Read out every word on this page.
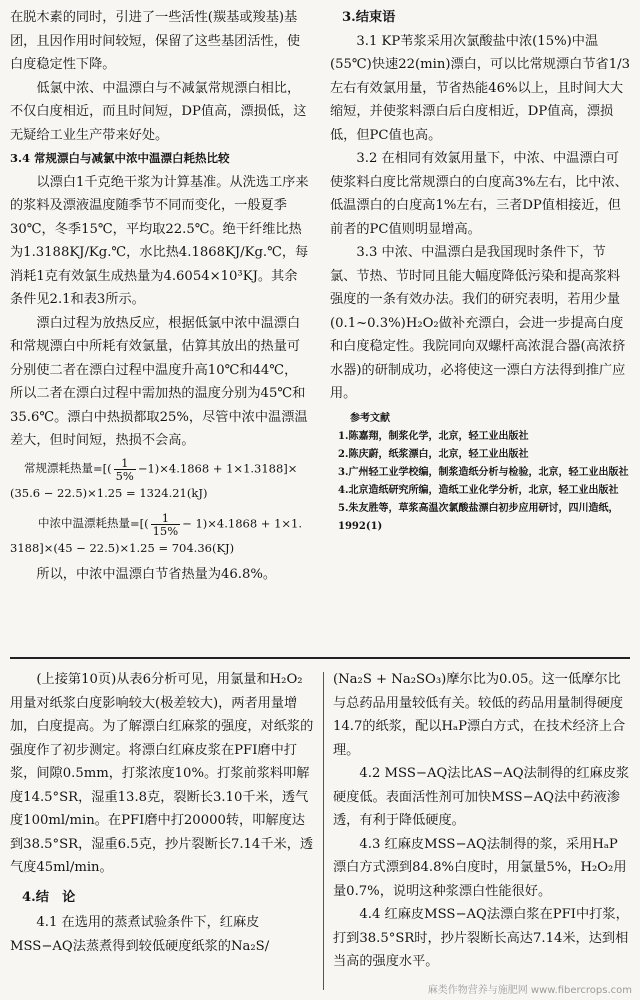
在脱木素的同时，引进了一些活性(羰基或羧基)基团，且因作用时间较短，保留了这些基团活性，使白度稳定性下降。

低氯中浓、中温漂白与不减氯常规漂白相比，不仅白度相近，而且时间短，DP值高，漂损低，这无疑给工业生产带来好处。

3.4 常规漂白与减氯中浓中温漂白耗热比较

以漂白1千克绝干浆为计算基准。从洗选工序来的浆料及漂液温度随季节不同而变化，一般夏季30℃，冬季15℃，平均取22.5℃。绝干纤维比热为1.3188KJ/Kg.℃，水比热4.1868KJ/Kg.℃，每消耗1克有效氯生成热量为4.6054×10³KJ。其余条件见2.1和表3所示。

漂白过程为放热反应，根据低氯中浓中温漂白和常规漂白中所耗有效氯量，估算其放出的热量可分别使二者在漂白过程中温度升高10℃和44℃，所以二者在漂白过程中需加热的温度分别为45℃和35.6℃。漂白中热损都取25%，尽管中浓中温漂温差大，但时间短，热损不会高。

常规漂耗热量=[( $\frac{1}{5\%} -1)\times 4.1868 + 1\times 1.3188]\times$

(35.6 − 22.5)×1.25 = 1324.21(kJ)

中浓中温漂耗热量=[( $\frac{1}{15\%} - 1)\times 4.1868 + 1\times 1$.

3188]×(45 − 22.5)×1.25 = 704.36(KJ)

所以，中浓中温漂白节省热量为46.8%。

3.结束语

3.1 KP苇浆采用次氯酸盐中浓(15%)中温(55℃)快速22(min)漂白，可以比常规漂白节省1/3左右有效氯用量，节省热能46%以上，且时间大大缩短，并使浆料漂白后白度相近，DP值高，漂损低，但PC值也高。

3.2 在相同有效氯用量下，中浓、中温漂白可使浆料白度比常规漂白的白度高3%左右，比中浓、低温漂白的白度高1%左右，三者DP值相接近，但前者的PC值则明显增高。

3.3 中浓、中温漂白是我国现时条件下，节氯、节热、节时同且能大幅度降低污染和提高浆料强度的一条有效办法。我们的研究表明，若用少量(0.1~0.3%)H₂O₂做补充漂白，会进一步提高白度和白度稳定性。我院同向双螺杆高浓混合器(高浓挤水器)的研制成功，必将使这一漂白方法得到推广应用。

参考文献
1.陈嘉翔，制浆化学，北京，轻工业出版社
2.陈庆蔚，纸浆漂白，北京，轻工业出版社
3.广州轻工业学校编，制浆造纸分析与检验，北京，轻工业出版社
4.北京造纸研究所编，造纸工业化学分析，北京，轻工业出版社
5.朱友胜等，草浆高温次氯酸盐漂白初步应用研讨，四川造纸，1992(1)

(上接第10页)从表6分析可见，用氯量和H₂O₂用量对纸浆白度影响较大(极差较大)，两者用量增加，白度提高。为了解漂白红麻浆的强度，对纸浆的强度作了初步测定。将漂白红麻皮浆在PFI磨中打浆，间隙0.5mm，打浆浓度10%。打浆前浆料叩解度14.5°SR，湿重13.8克，裂断长3.10千米，透气度100ml/min。在PFI磨中打20000转，叩解度达到38.5°SR，湿重6.5克，抄片裂断长7.14千米，透气度45ml/min。

4.结　论

4.1 在选用的蒸煮试验条件下，红麻皮MSS−AQ法蒸煮得到较低硬度纸浆的Na₂S/

(Na₂S + Na₂SO₃)摩尔比为0.05。这一低摩尔比与总药品用量较低有关。较低的药品用量制得硬度14.7的纸浆，配以HₐP漂白方式，在技术经济上合理。

4.2 MSS−AQ法比AS−AQ法制得的红麻皮浆硬度低。表面活性剂可加快MSS−AQ法中药液渗透，有利于降低硬度。

4.3 红麻皮MSS−AQ法制得的浆，采用HₐP漂白方式漂到84.8%白度时，用氯量5%，H₂O₂用量0.7%，说明这种浆漂白性能很好。

4.4 红麻皮MSS−AQ法漂白浆在PFI中打浆，打到38.5°SR时，抄片裂断长高达7.14米，达到相当高的强度水平。

麻类作物营养与施肥网 www.fibercrops.com
